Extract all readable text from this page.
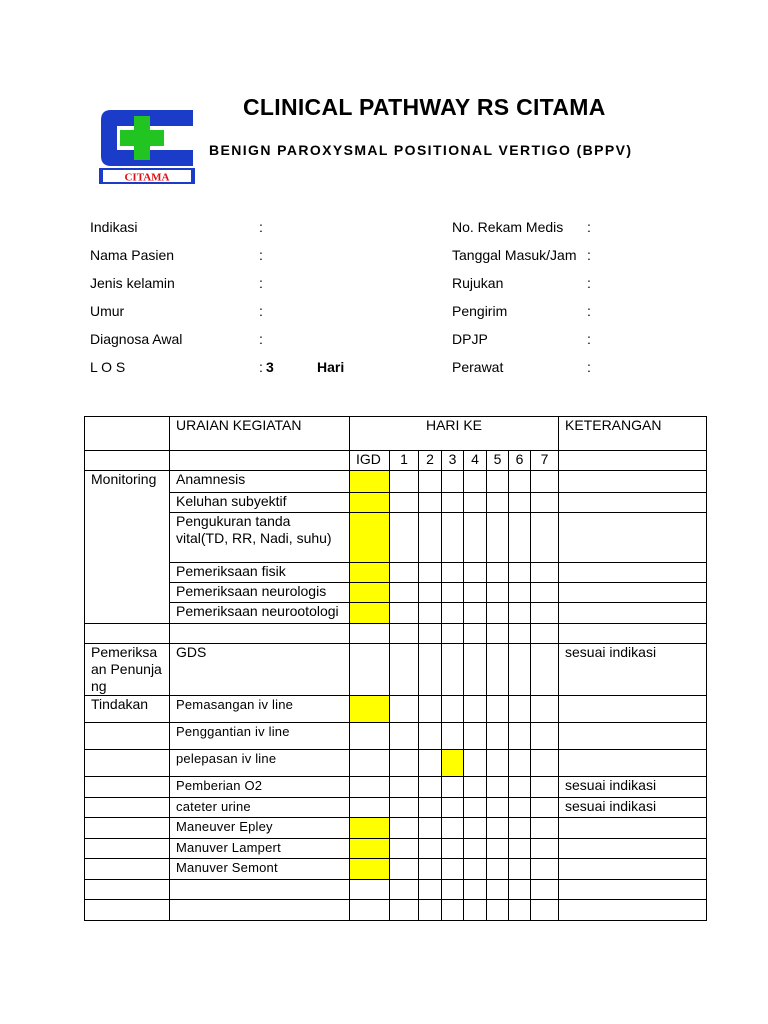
CITAMA
CLINICAL PATHWAY RS CITAMA
BENIGN PAROXYSMAL POSITIONAL VERTIGO (BPPV)
Indikasi	:
Nama Pasien	:
Jenis kelamin	:
Umur	:
Diagnosa Awal	:
L O S	: 3	Hari
No. Rekam Medis :
Tanggal Masuk/Jam :
Rujukan	:
Pengirim	:
DPJP	:
Perawat	:
	URAIAN KEGIATAN	HARI KE								KETERANGAN
		IGD	1	2	3	4	5	6	7	
Monitoring	Anamnesis									
	Keluhan subyektif									
	Pengukuran tanda vital(TD, RR, Nadi, suhu)									
	Pemeriksaan fisik									
	Pemeriksaan neurologis									
	Pemeriksaan neurootologi									

Pemeriksa an Penunjang	GDS									sesuai indikasi
Tindakan	Pemasangan iv line									
	Penggantian iv line									
	pelepasan iv line									
	Pemberian O2									sesuai indikasi
	cateter urine									sesuai indikasi
	Maneuver Epley									
	Manuver Lampert									
	Manuver Semont									
